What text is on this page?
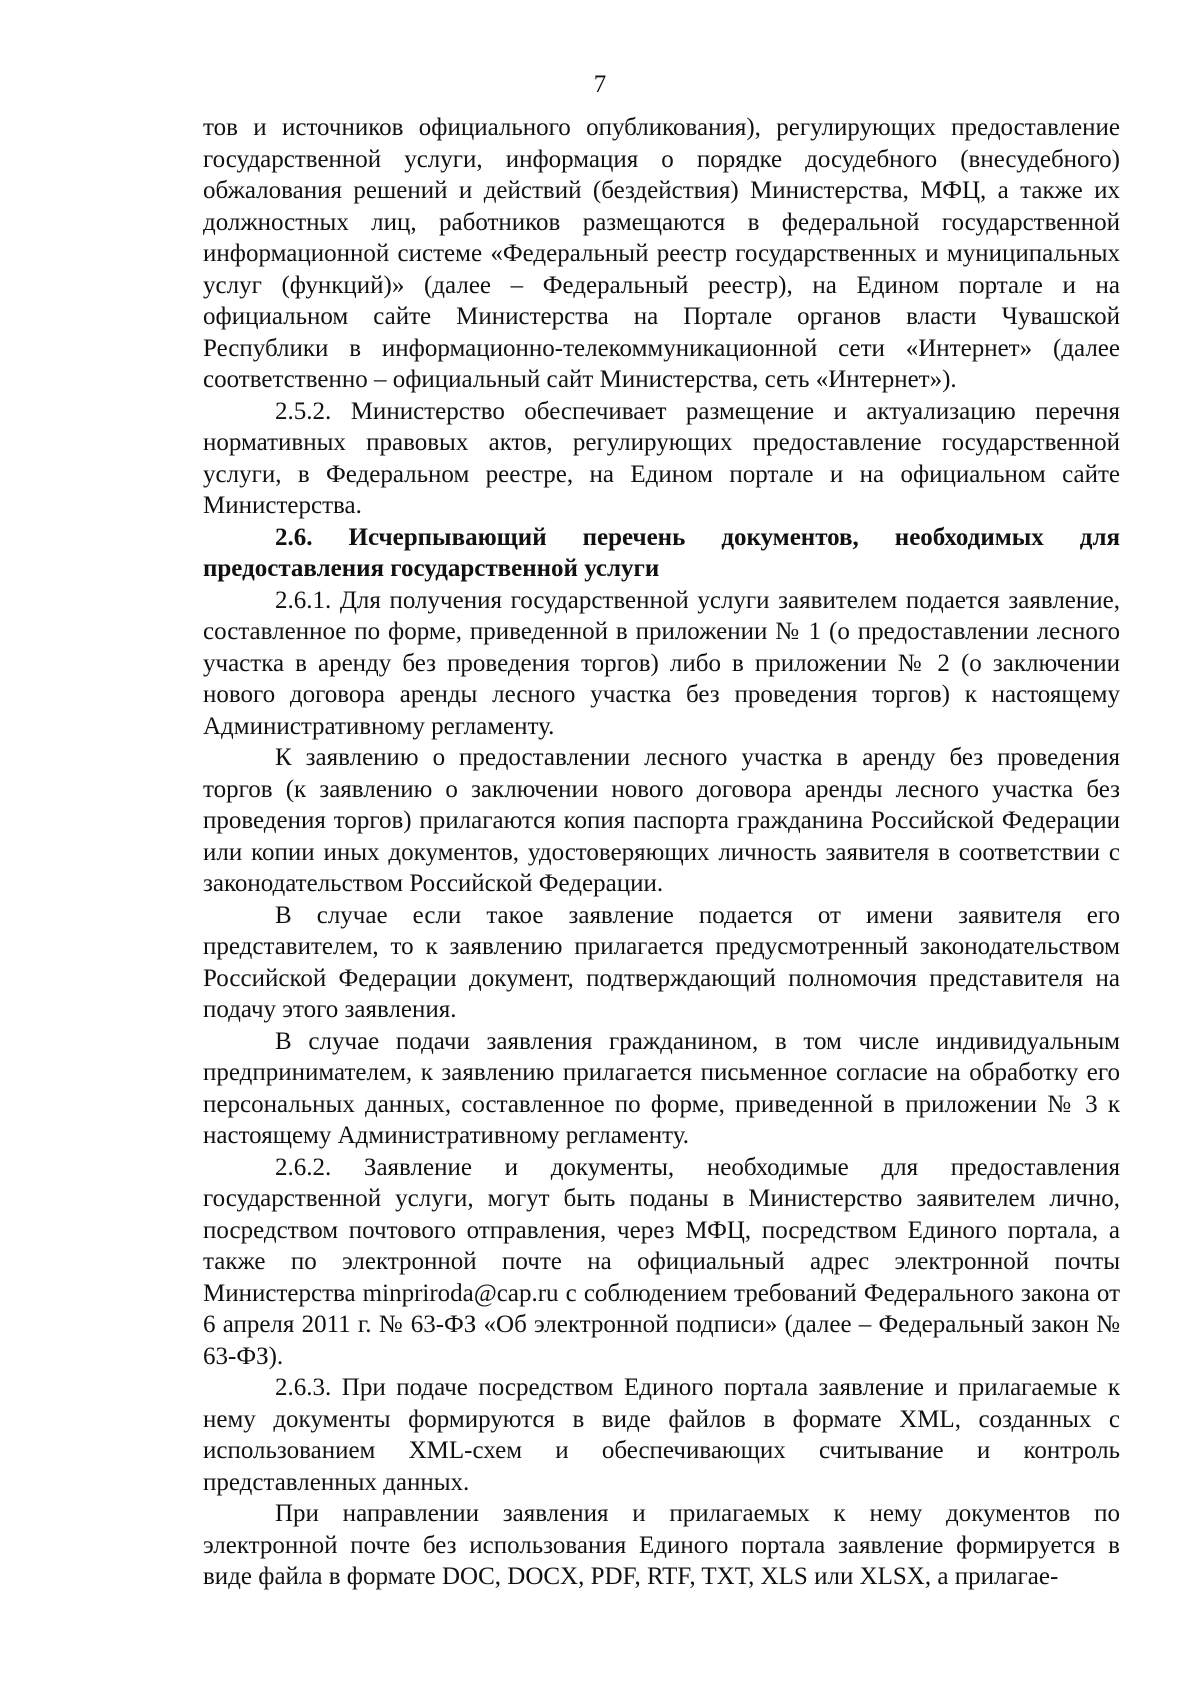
7

тов и источников официального опубликования), регулирующих предоставление государственной услуги, информация о порядке досудебного (внесудебного) обжалования решений и действий (бездействия) Министерства, МФЦ, а также их должностных лиц, работников размещаются в федеральной государственной информационной системе «Федеральный реестр государственных и муниципальных услуг (функций)» (далее – Федеральный реестр), на Едином портале и на официальном сайте Министерства на Портале органов власти Чувашской Республики в информационно-телекоммуникационной сети «Интернет» (далее соответственно – официальный сайт Министерства, сеть «Интернет»).

2.5.2. Министерство обеспечивает размещение и актуализацию перечня нормативных правовых актов, регулирующих предоставление государственной услуги, в Федеральном реестре, на Едином портале и на официальном сайте Министерства.

2.6. Исчерпывающий перечень документов, необходимых для предоставления государственной услуги

2.6.1. Для получения государственной услуги заявителем подается заявление, составленное по форме, приведенной в приложении № 1 (о предоставлении лесного участка в аренду без проведения торгов) либо в приложении № 2 (о заключении нового договора аренды лесного участка без проведения торгов) к настоящему Административному регламенту.

К заявлению о предоставлении лесного участка в аренду без проведения торгов (к заявлению о заключении нового договора аренды лесного участка без проведения торгов) прилагаются копия паспорта гражданина Российской Федерации или копии иных документов, удостоверяющих личность заявителя в соответствии с законодательством Российской Федерации.

В случае если такое заявление подается от имени заявителя его представителем, то к заявлению прилагается предусмотренный законодательством Российской Федерации документ, подтверждающий полномочия представителя на подачу этого заявления.

В случае подачи заявления гражданином, в том числе индивидуальным предпринимателем, к заявлению прилагается письменное согласие на обработку его персональных данных, составленное по форме, приведенной в приложении № 3 к настоящему Административному регламенту.

2.6.2. Заявление и документы, необходимые для предоставления государственной услуги, могут быть поданы в Министерство заявителем лично, посредством почтового отправления, через МФЦ, посредством Единого портала, а также по электронной почте на официальный адрес электронной почты Министерства minpriroda@cap.ru с соблюдением требований Федерального закона от 6 апреля 2011 г. № 63-ФЗ «Об электронной подписи» (далее – Федеральный закон № 63-ФЗ).

2.6.3. При подаче посредством Единого портала заявление и прилагаемые к нему документы формируются в виде файлов в формате XML, созданных с использованием XML-схем и обеспечивающих считывание и контроль представленных данных.

При направлении заявления и прилагаемых к нему документов по электронной почте без использования Единого портала заявление формируется в виде файла в формате DOC, DOCX, PDF, RTF, TXT, XLS или XLSX, а прилагае-
